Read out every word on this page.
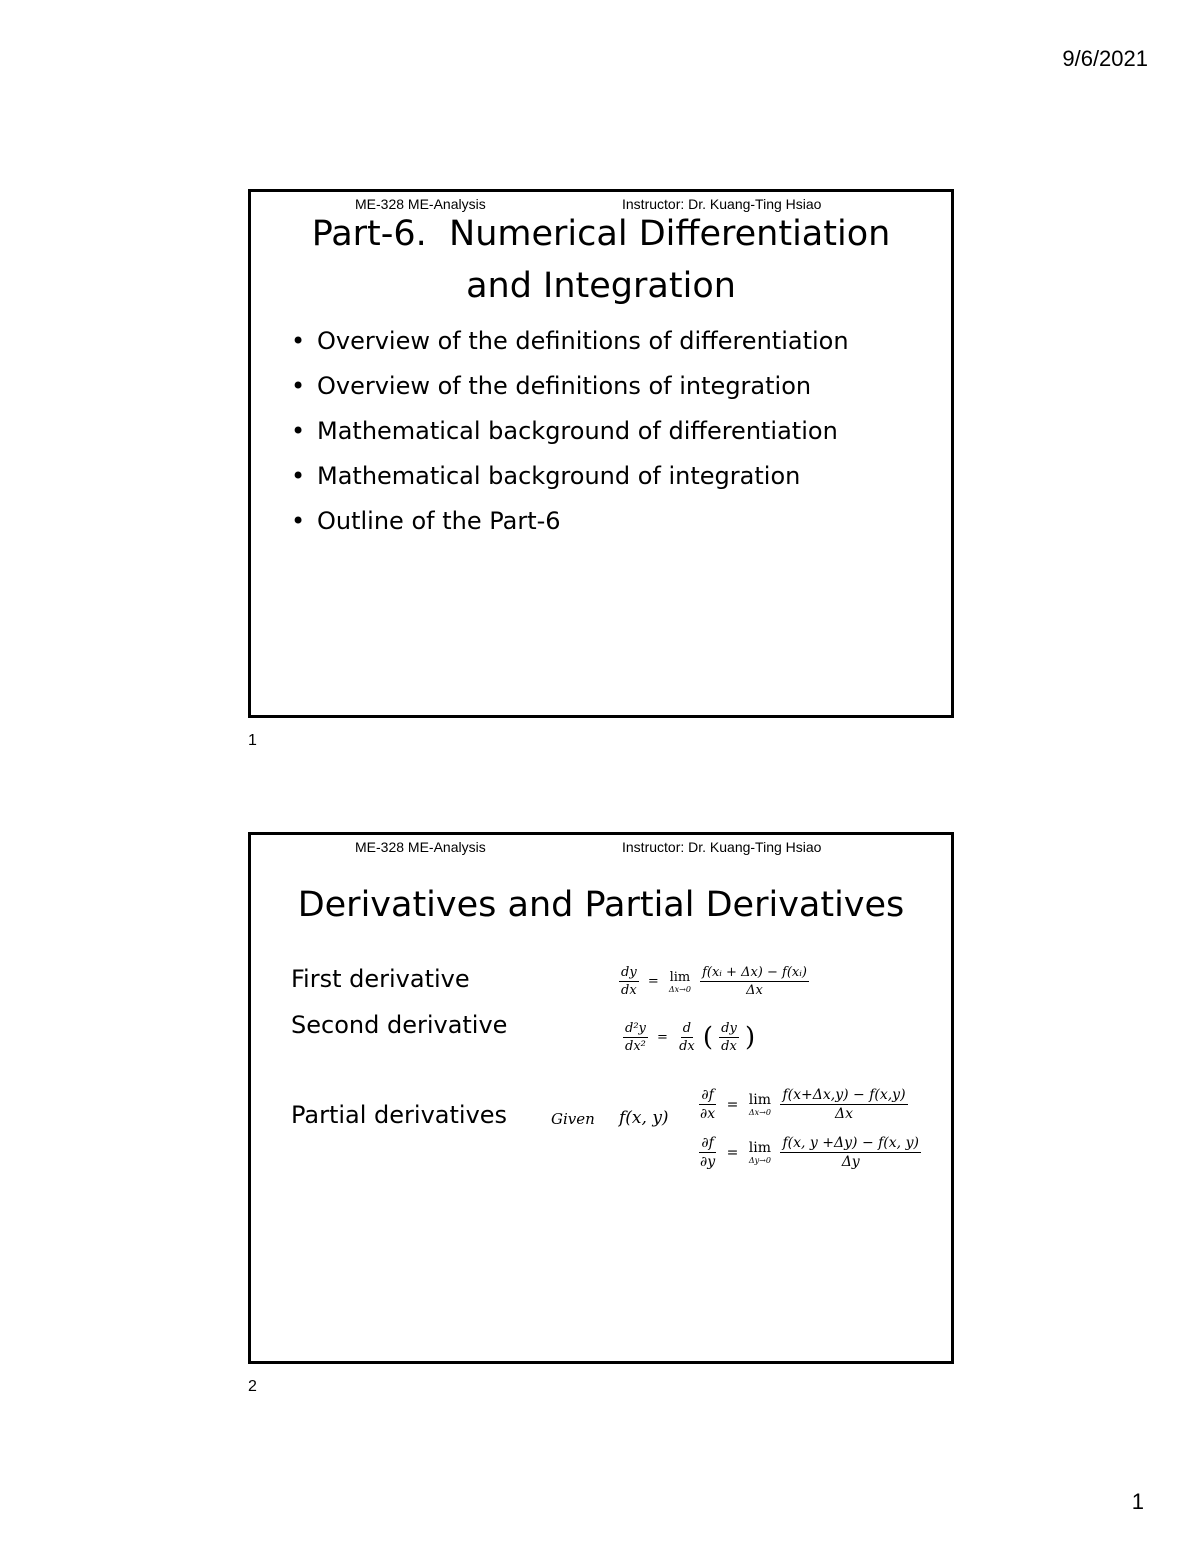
9/6/2021
ME-328 ME-Analysis	Instructor: Dr. Kuang-Ting Hsiao
Part-6.  Numerical Differentiation
and Integration
• Overview of the definitions of differentiation
• Overview of the definitions of integration
• Mathematical background of differentiation
• Mathematical background of integration
• Outline of the Part-6
1
ME-328 ME-Analysis	Instructor: Dr. Kuang-Ting Hsiao
Derivatives and Partial Derivatives
First derivative
Second derivative
Partial derivatives
$\frac{dy}{dx} = \lim$
Δx→0
$\frac{\text{f(xᵢ + Δx) − f(xᵢ)}}{\Delta x}$
$\frac{\text{d²y}}{\text{dx²}} = \frac{d}{dx}$ ( $\frac{dy}{dx}$ )
Given f(x, $y) \frac{\partial f}{\partial x} = \lim$
Δx→0
$\frac{f(x+\Delta x,y) - f(x,y)}{\Delta x}$
$\frac{\partial f}{\partial y} = \lim$
Δy→0
$\frac{f(x, y +\Delta y) - f(x, y)}{\Delta y}$
2
1
